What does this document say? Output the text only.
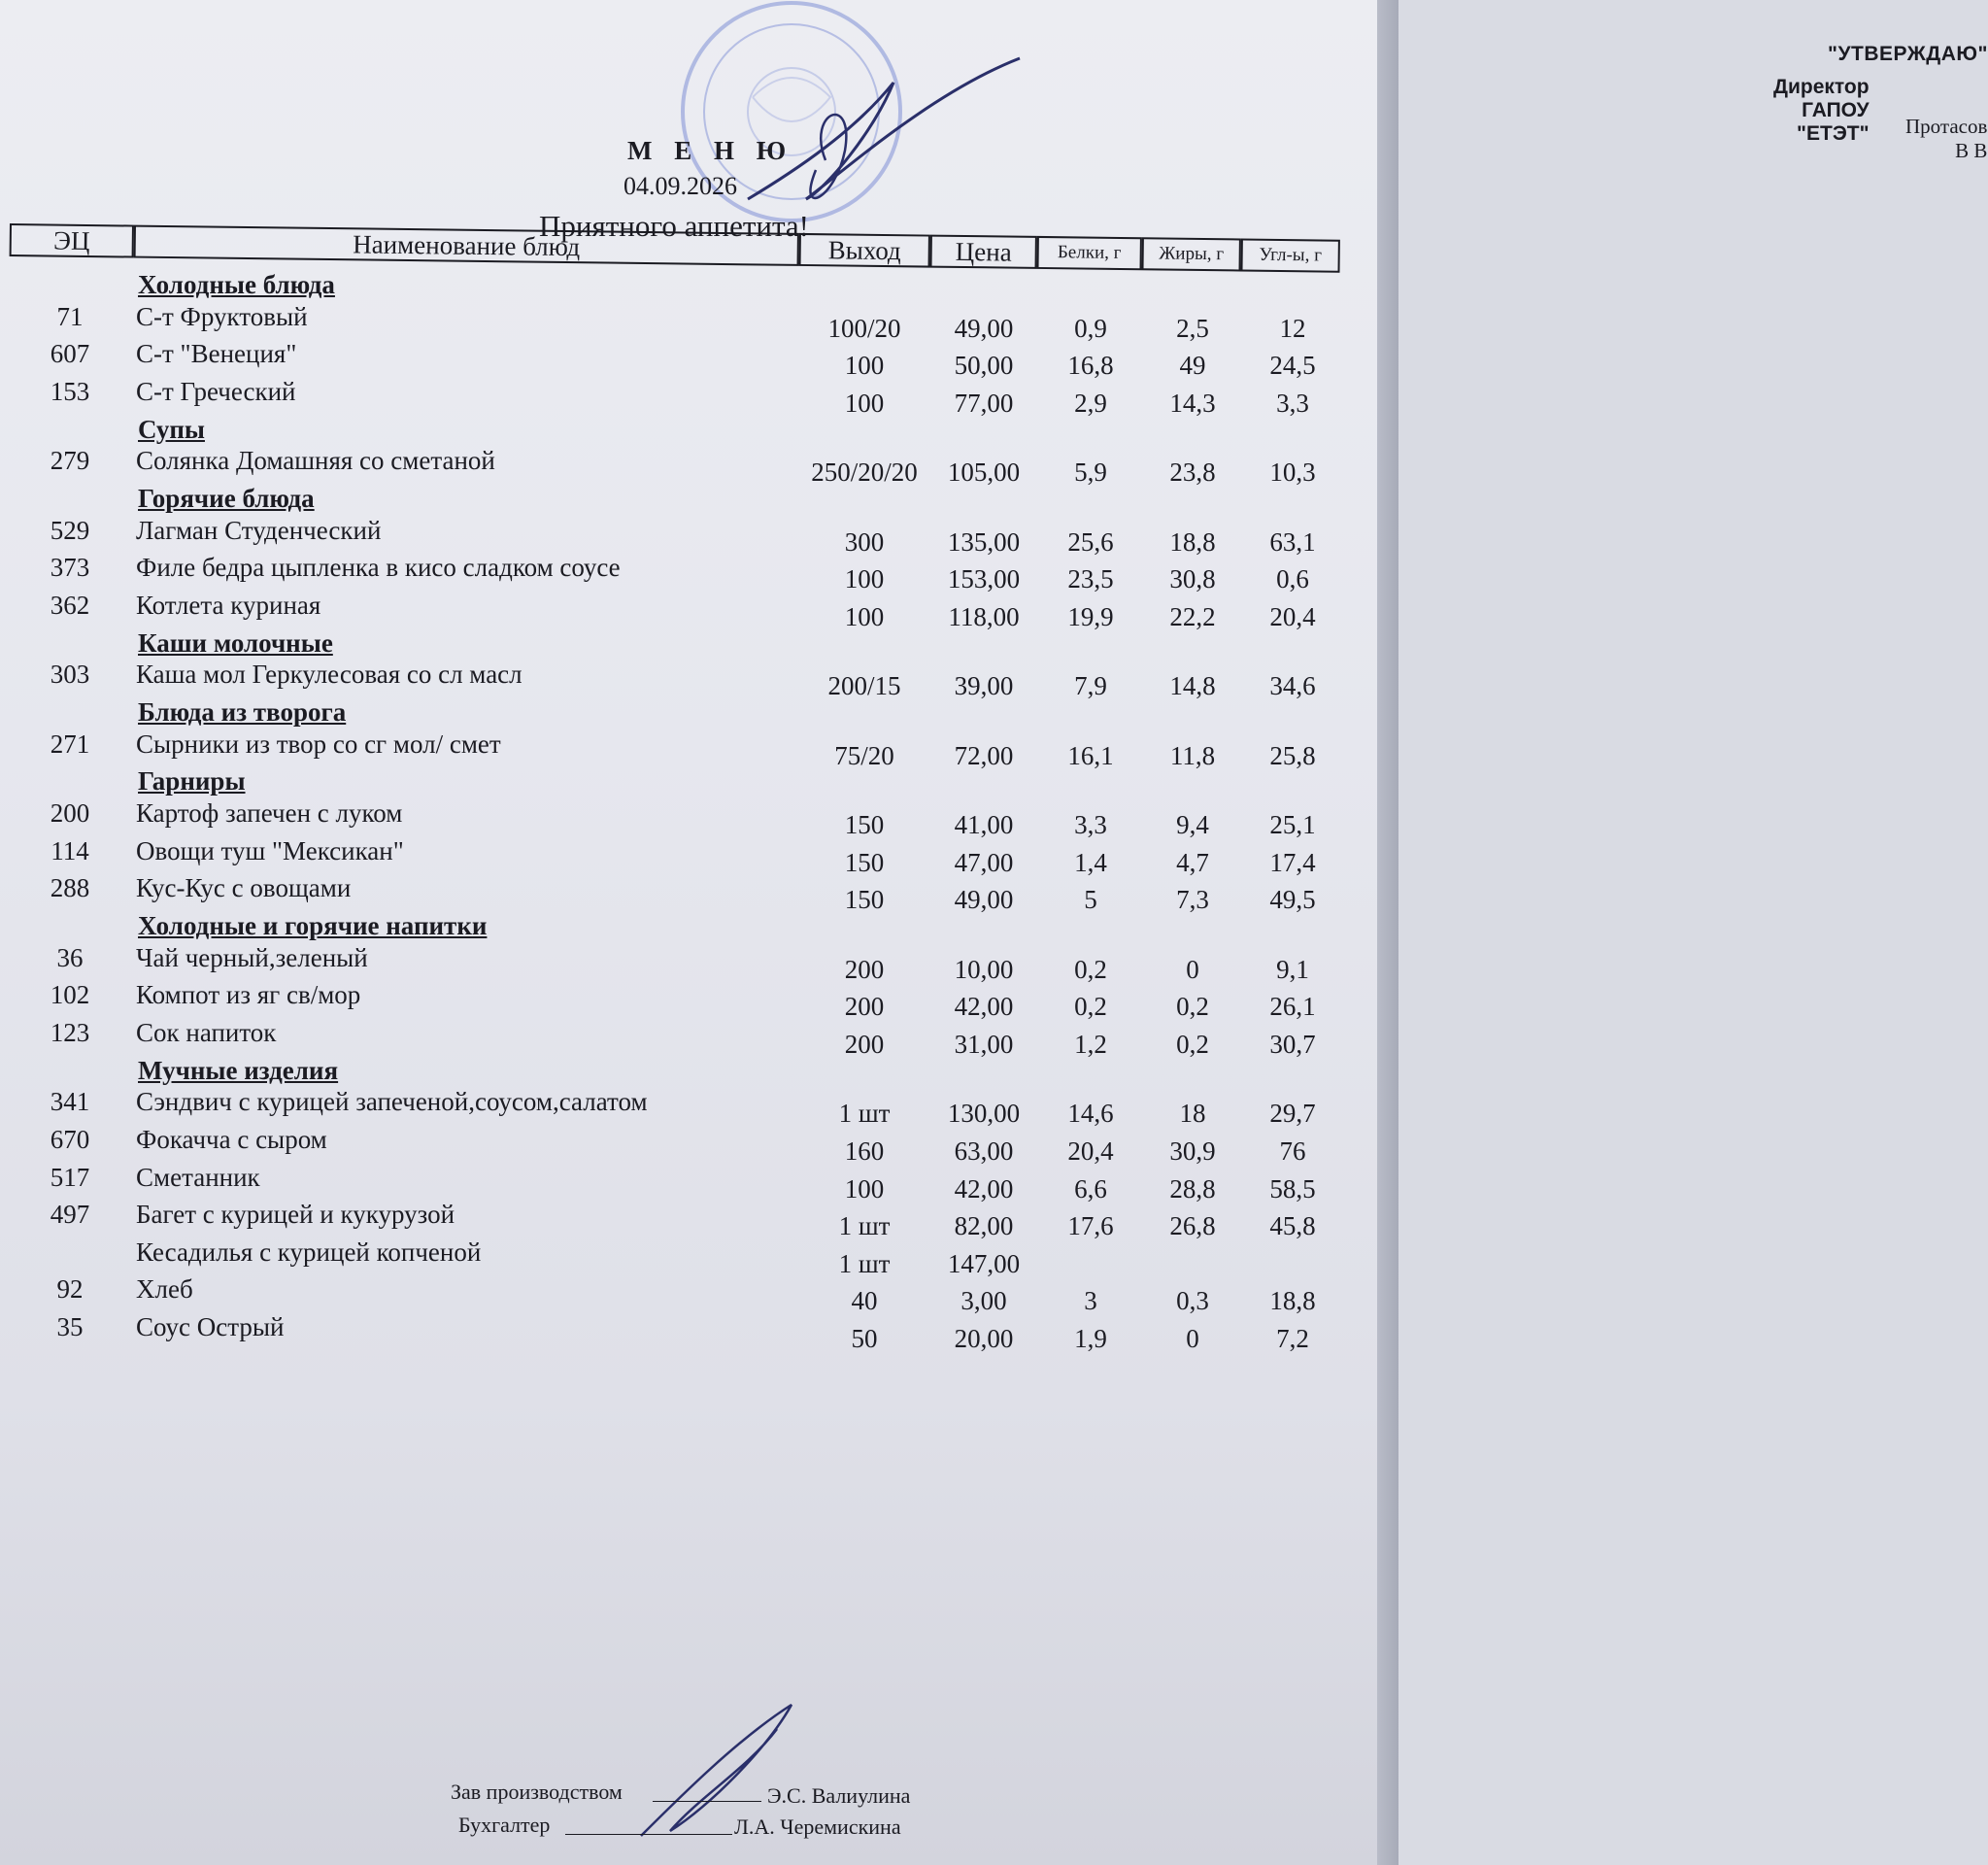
"УТВЕРЖДАЮ"
Директор ГАПОУ "ЕТЭТ" Протасов В В
М Е Н Ю
04.09.2026
Приятного аппетита!
ЭЦ	Наименование блюд	Выход	Цена	Белки, г	Жиры, г	Угл-ы, г
Холодные блюда
71	С-т Фруктовый	100/20	49,00	0,9	2,5	12
607	С-т "Венеция"	100	50,00	16,8	49	24,5
153	С-т Греческий	100	77,00	2,9	14,3	3,3
Супы
279	Солянка Домашняя со сметаной	250/20/20	105,00	5,9	23,8	10,3
Горячие блюда
529	Лагман Студенческий	300	135,00	25,6	18,8	63,1
373	Филе бедра цыпленка в кисо сладком соусе	100	153,00	23,5	30,8	0,6
362	Котлета куриная	100	118,00	19,9	22,2	20,4
Каши молочные
303	Каша мол Геркулесовая со сл масл	200/15	39,00	7,9	14,8	34,6
Блюда из творога
271	Сырники из твор со сг мол/ смет	75/20	72,00	16,1	11,8	25,8
Гарниры
200	Картоф запечен с луком	150	41,00	3,3	9,4	25,1
114	Овощи туш "Мексикан"	150	47,00	1,4	4,7	17,4
288	Кус-Кус с овощами	150	49,00	5	7,3	49,5
Холодные и горячие напитки
36	Чай черный,зеленый	200	10,00	0,2	0	9,1
102	Компот из яг св/мор	200	42,00	0,2	0,2	26,1
123	Сок напиток	200	31,00	1,2	0,2	30,7
Мучные изделия
341	Сэндвич с курицей запеченой,соусом,салатом	1 шт	130,00	14,6	18	29,7
670	Фокачча с сыром	160	63,00	20,4	30,9	76
517	Сметанник	100	42,00	6,6	28,8	58,5
497	Багет с курицей и кукурузой	1 шт	82,00	17,6	26,8	45,8
Кесадилья с курицей копченой	1 шт	147,00
92	Хлеб	40	3,00	3	0,3	18,8
35	Соус Острый	50	20,00	1,9	0	7,2
Зав производством	Э.С. Валиулина
Бухгалтер	Л.А. Черемискина
